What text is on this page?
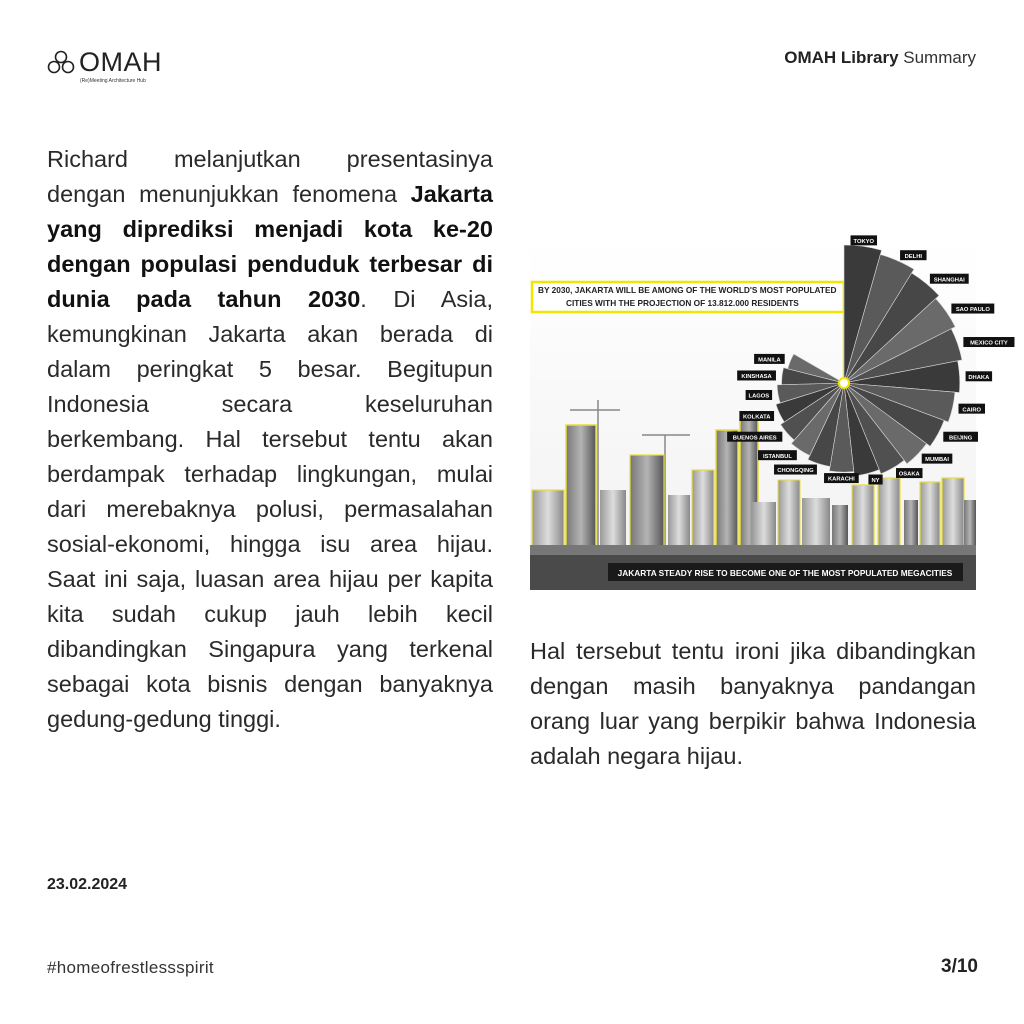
OMAH
(Re)Meeting Architecture Hub
OMAH Library Summary
Richard melanjutkan presentasinya dengan menunjukkan fenomena Jakarta yang diprediksi menjadi kota ke-20 dengan populasi penduduk terbesar di dunia pada tahun 2030. Di Asia, kemungkinan Jakarta akan berada di dalam peringkat 5 besar. Begitupun Indonesia secara keseluruhan berkembang. Hal tersebut tentu akan berdampak terhadap lingkungan, mulai dari merebaknya polusi, permasalahan sosial-ekonomi, hingga isu area hijau. Saat ini saja, luasan area hijau per kapita kita sudah cukup jauh lebih kecil dibandingkan Singapura yang terkenal sebagai kota bisnis dengan banyaknya gedung-gedung tinggi.
JAKARTA STEADY RISE TO BECOME ONE OF THE MOST POPULATED MEGACITIES
BY 2030, JAKARTA WILL BE AMONG OF THE WORLD'S MOST POPULATED
CITIES WITH THE PROJECTION OF 13.812.000 RESIDENTS
TOKYO
DELHI
SHANGHAI
SAO PAULO
MEXICO CITY
DHAKA
CAIRO
BEIJING
MUMBAI
OSAKA
NY
KARACHI
CHONGQING
ISTANBUL
BUENOS AIRES
KOLKATA
LAGOS
KINSHASA
MANILA
Hal tersebut tentu ironi jika dibandingkan dengan masih banyaknya pandangan orang luar yang berpikir bahwa Indonesia adalah negara hijau.
23.02.2024
#homeofrestlessspirit	3/10
